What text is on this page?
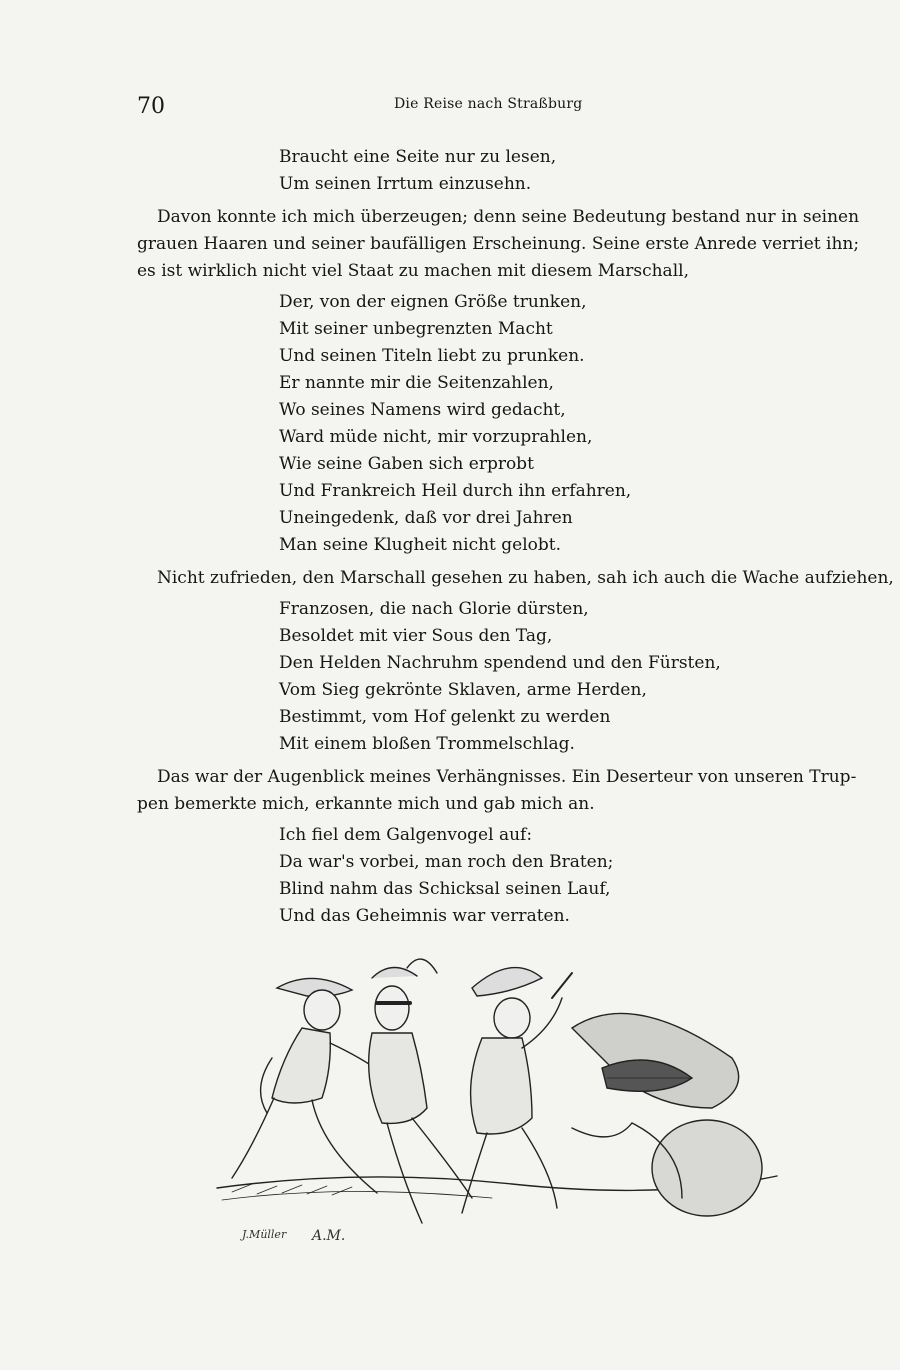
70	Die Reise nach Straßburg
Braucht eine Seite nur zu lesen,
Um seinen Irrtum einzusehn.
Davon konnte ich mich überzeugen; denn seine Bedeutung bestand nur in seinen
grauen Haaren und seiner baufälligen Erscheinung. Seine erste Anrede verriet ihn;
es ist wirklich nicht viel Staat zu machen mit diesem Marschall,
Der, von der eignen Größe trunken,
Mit seiner unbegrenzten Macht
Und seinen Titeln liebt zu prunken.
Er nannte mir die Seitenzahlen,
Wo seines Namens wird gedacht,
Ward müde nicht, mir vorzuprahlen,
Wie seine Gaben sich erprobt
Und Frankreich Heil durch ihn erfahren,
Uneingedenk, daß vor drei Jahren
Man seine Klugheit nicht gelobt.
Nicht zufrieden, den Marschall gesehen zu haben, sah ich auch die Wache aufziehen,
Franzosen, die nach Glorie dürsten,
Besoldet mit vier Sous den Tag,
Den Helden Nachruhm spendend und den Fürsten,
Vom Sieg gekrönte Sklaven, arme Herden,
Bestimmt, vom Hof gelenkt zu werden
Mit einem bloßen Trommelschlag.
Das war der Augenblick meines Verhängnisses. Ein Deserteur von unseren Trup-
pen bemerkte mich, erkannte mich und gab mich an.
Ich fiel dem Galgenvogel auf:
Da war's vorbei, man roch den Braten;
Blind nahm das Schicksal seinen Lauf,
Und das Geheimnis war verraten.
J.Müller A.M.
